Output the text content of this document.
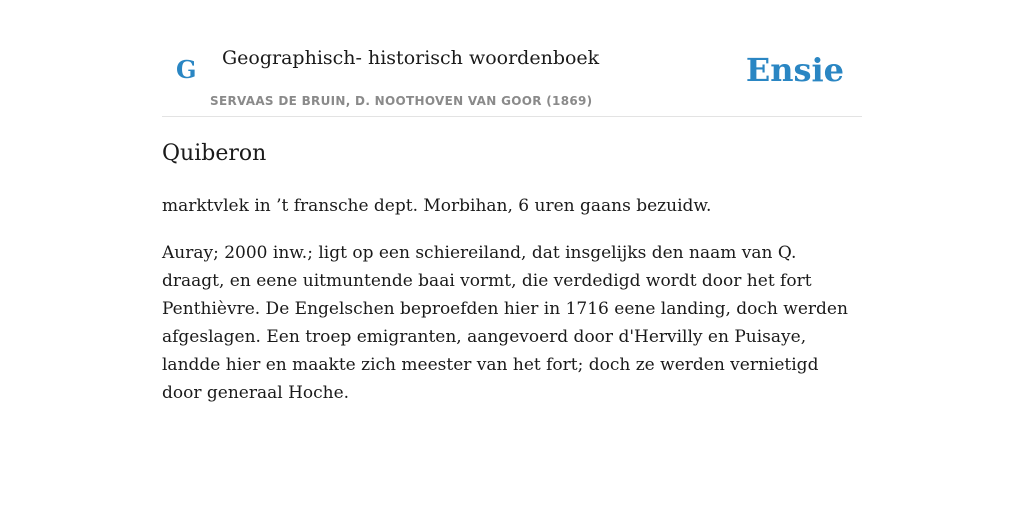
G Geographisch- historisch woordenboek
SERVAAS DE BRUIN, D. NOOTHOVEN VAN GOOR (1869)
Ensie
Quiberon

marktvlek in ’t fransche dept. Morbihan, 6 uren gaans bezuidw.

Auray; 2000 inw.; ligt op een schiereiland, dat insgelijks den naam van Q. draagt, en eene uitmuntende baai vormt, die verdedigd wordt door het fort Penthièvre. De Engelschen beproefden hier in 1716 eene landing, doch werden afgeslagen. Een troep emigranten, aangevoerd door d'Hervilly en Puisaye, landde hier en maakte zich meester van het fort; doch ze werden vernietigd door generaal Hoche.
